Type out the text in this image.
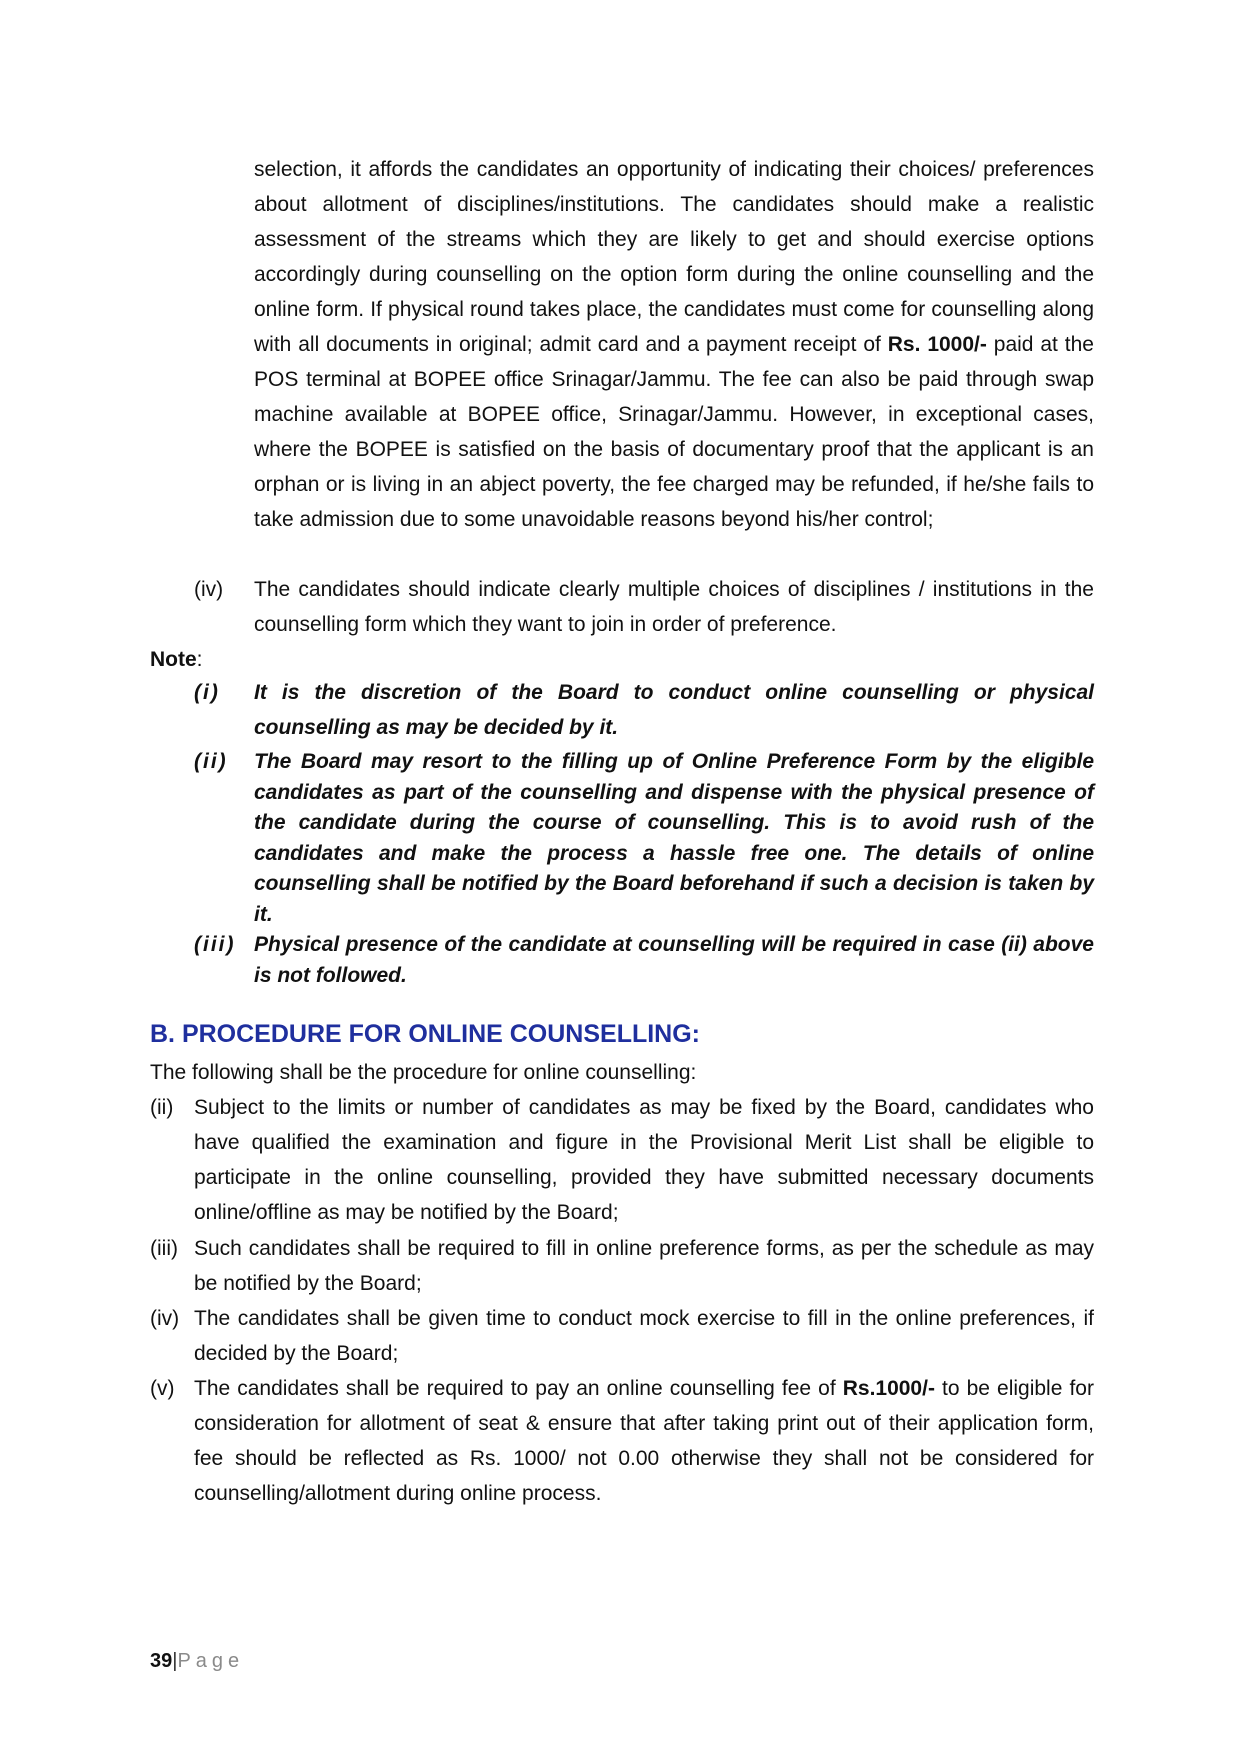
selection, it affords the candidates an opportunity of indicating their choices/ preferences about allotment of disciplines/institutions. The candidates should make a realistic assessment of the streams which they are likely to get and should exercise options accordingly during counselling on the option form during the online counselling and the online form. If physical round takes place, the candidates must come for counselling along with all documents in original; admit card and a payment receipt of Rs. 1000/- paid at the POS terminal at BOPEE office Srinagar/Jammu. The fee can also be paid through swap machine available at BOPEE office, Srinagar/Jammu. However, in exceptional cases, where the BOPEE is satisfied on the basis of documentary proof that the applicant is an orphan or is living in an abject poverty, the fee charged may be refunded, if he/she fails to take admission due to some unavoidable reasons beyond his/her control;
(iv) The candidates should indicate clearly multiple choices of disciplines / institutions in the counselling form which they want to join in order of preference.
Note:
(i) It is the discretion of the Board to conduct online counselling or physical counselling as may be decided by it.
(ii) The Board may resort to the filling up of Online Preference Form by the eligible candidates as part of the counselling and dispense with the physical presence of the candidate during the course of counselling. This is to avoid rush of the candidates and make the process a hassle free one. The details of online counselling shall be notified by the Board beforehand if such a decision is taken by it.
(iii) Physical presence of the candidate at counselling will be required in case (ii) above is not followed.
B. PROCEDURE FOR ONLINE COUNSELLING:
The following shall be the procedure for online counselling:
(ii) Subject to the limits or number of candidates as may be fixed by the Board, candidates who have qualified the examination and figure in the Provisional Merit List shall be eligible to participate in the online counselling, provided they have submitted necessary documents online/offline as may be notified by the Board;
(iii) Such candidates shall be required to fill in online preference forms, as per the schedule as may be notified by the Board;
(iv) The candidates shall be given time to conduct mock exercise to fill in the online preferences, if decided by the Board;
(v) The candidates shall be required to pay an online counselling fee of Rs.1000/- to be eligible for consideration for allotment of seat & ensure that after taking print out of their application form, fee should be reflected as Rs. 1000/ not 0.00 otherwise they shall not be considered for counselling/allotment during online process.
39|Page
